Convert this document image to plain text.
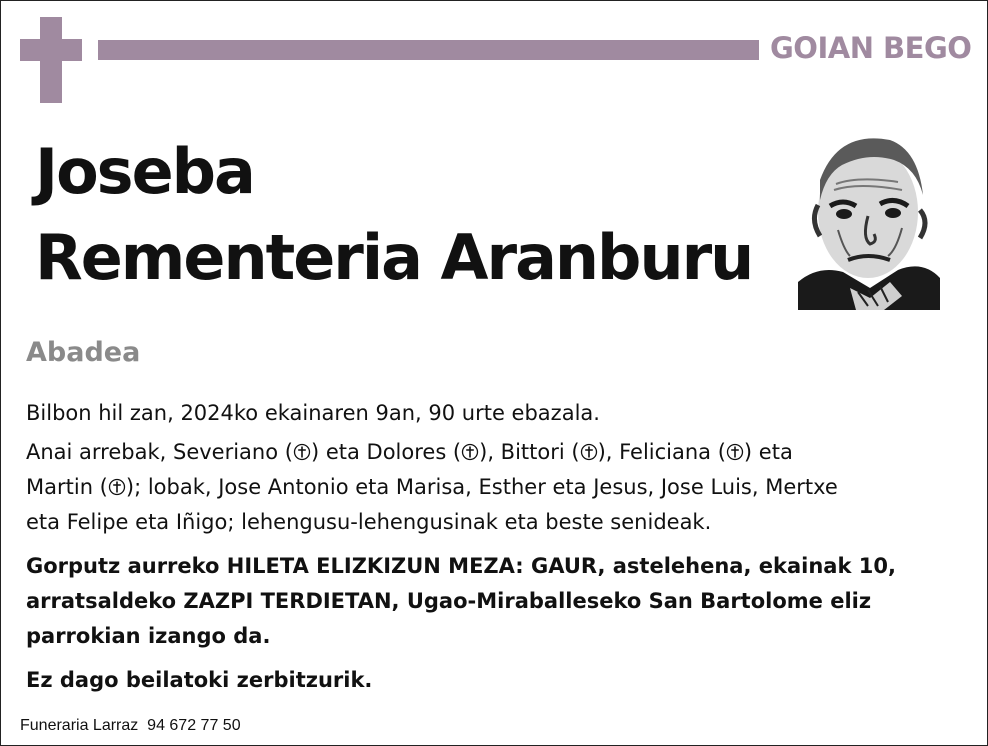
GOIAN BEGO
Joseba
Rementeria Aranburu
Abadea
Bilbon hil zan, 2024ko ekainaren 9an, 90 urte ebazala.
Anai arrebak, Severiano ( ) eta Dolores ( ), Bittori ( ), Feliciana ( ) eta
Martin ( ); lobak, Jose Antonio eta Marisa, Esther eta Jesus, Jose Luis, Mertxe
eta Felipe eta Iñigo; lehengusu-lehengusinak eta beste senideak.
Gorputz aurreko HILETA ELIZKIZUN MEZA: GAUR, astelehena, ekainak 10,
arratsaldeko ZAZPI TERDIETAN, Ugao-Miraballeseko San Bartolome eliz
parrokian izango da.
Ez dago beilatoki zerbitzurik.
Funeraria Larraz  94 672 77 50
